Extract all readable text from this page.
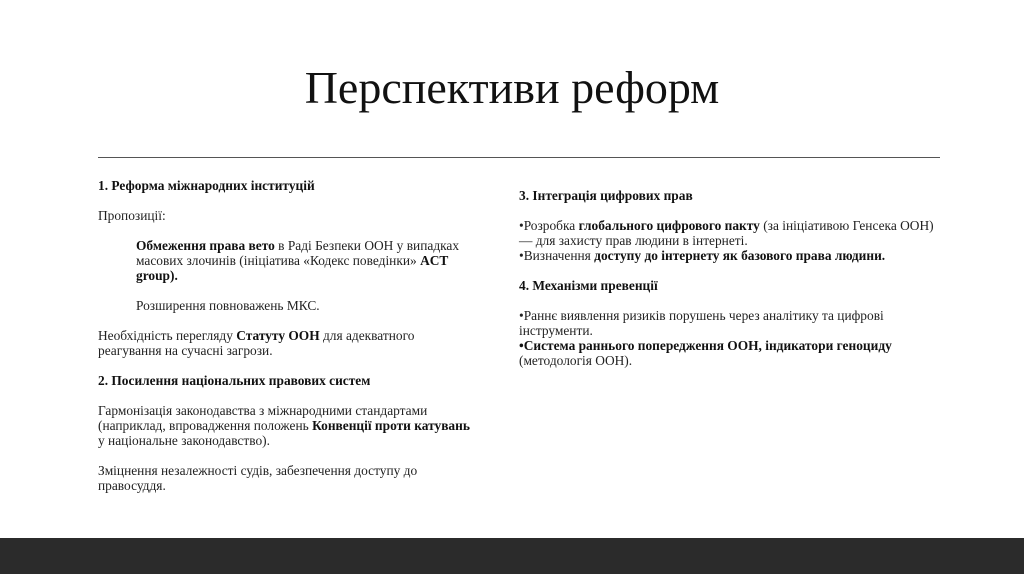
Перспективи реформ

1. Реформа міжнародних інституцій

Пропозиції:

Обмеження права вето в Раді Безпеки ООН у випадках масових злочинів (ініціатива «Кодекс поведінки» ACT group).

Розширення повноважень МКС.

Необхідність перегляду Статуту ООН для адекватного реагування на сучасні загрози.

2. Посилення національних правових систем

Гармонізація законодавства з міжнародними стандартами (наприклад, впровадження положень Конвенції проти катувань у національне законодавство).

Зміцнення незалежності судів, забезпечення доступу до правосуддя.

3. Інтеграція цифрових прав

•Розробка глобального цифрового пакту (за ініціативою Генсека ООН) — для захисту прав людини в інтернеті.

•Визначення доступу до інтернету як базового права людини.

4. Механізми превенції

•Раннє виявлення ризиків порушень через аналітику та цифрові інструменти.

•Система раннього попередження ООН, індикатори геноциду (методологія ООН).
